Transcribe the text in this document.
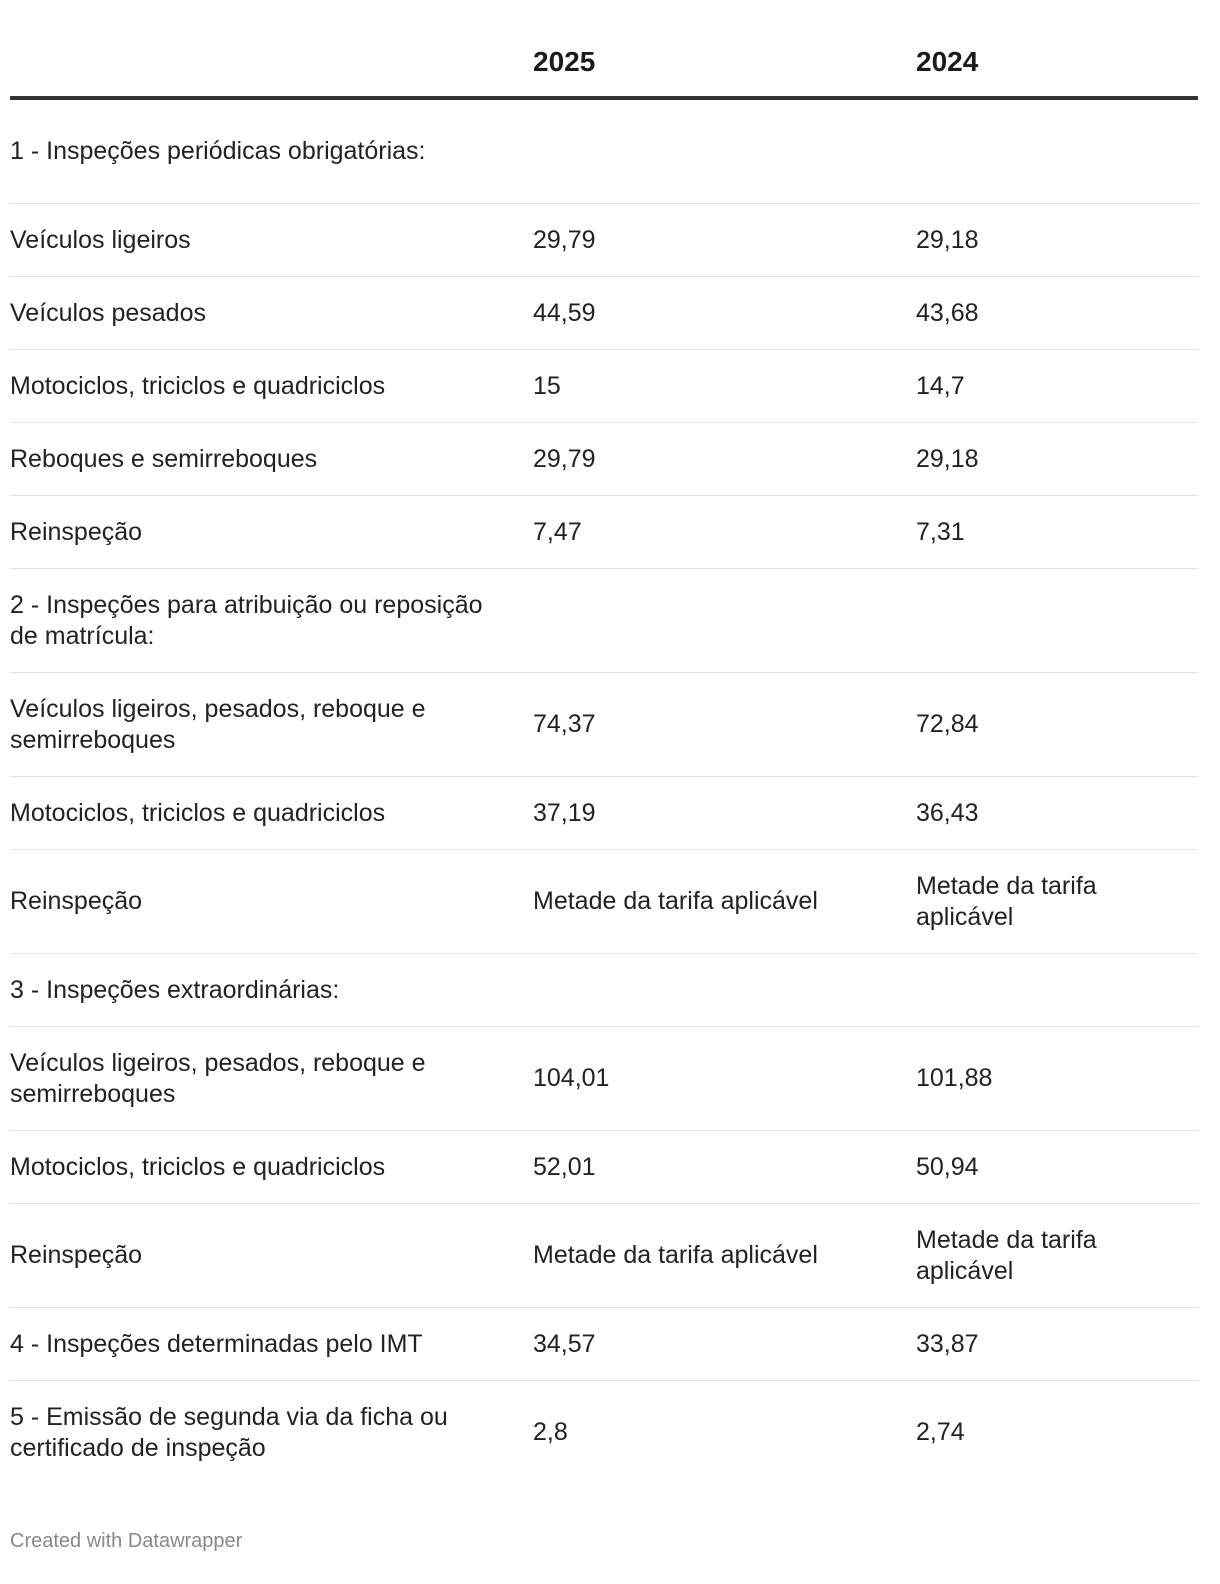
	2025	2024

1 - Inspeções periódicas obrigatórias:		

Veículos ligeiros	29,79	29,18

Veículos pesados	44,59	43,68

Motociclos, triciclos e quadriciclos	15	14,7

Reboques e semirreboques	29,79	29,18

Reinspeção	7,47	7,31

2 - Inspeções para atribuição ou reposição de matrícula:		

Veículos ligeiros, pesados, reboque e semirreboques	74,37	72,84

Motociclos, triciclos e quadriciclos	37,19	36,43

Reinspeção	Metade da tarifa aplicável	Metade da tarifa aplicável

3 - Inspeções extraordinárias:		

Veículos ligeiros, pesados, reboque e semirreboques	104,01	101,88

Motociclos, triciclos e quadriciclos	52,01	50,94

Reinspeção	Metade da tarifa aplicável	Metade da tarifa aplicável

4 - Inspeções determinadas pelo IMT	34,57	33,87

5 - Emissão de segunda via da ficha ou certificado de inspeção	2,8	2,74
Created with Datawrapper
